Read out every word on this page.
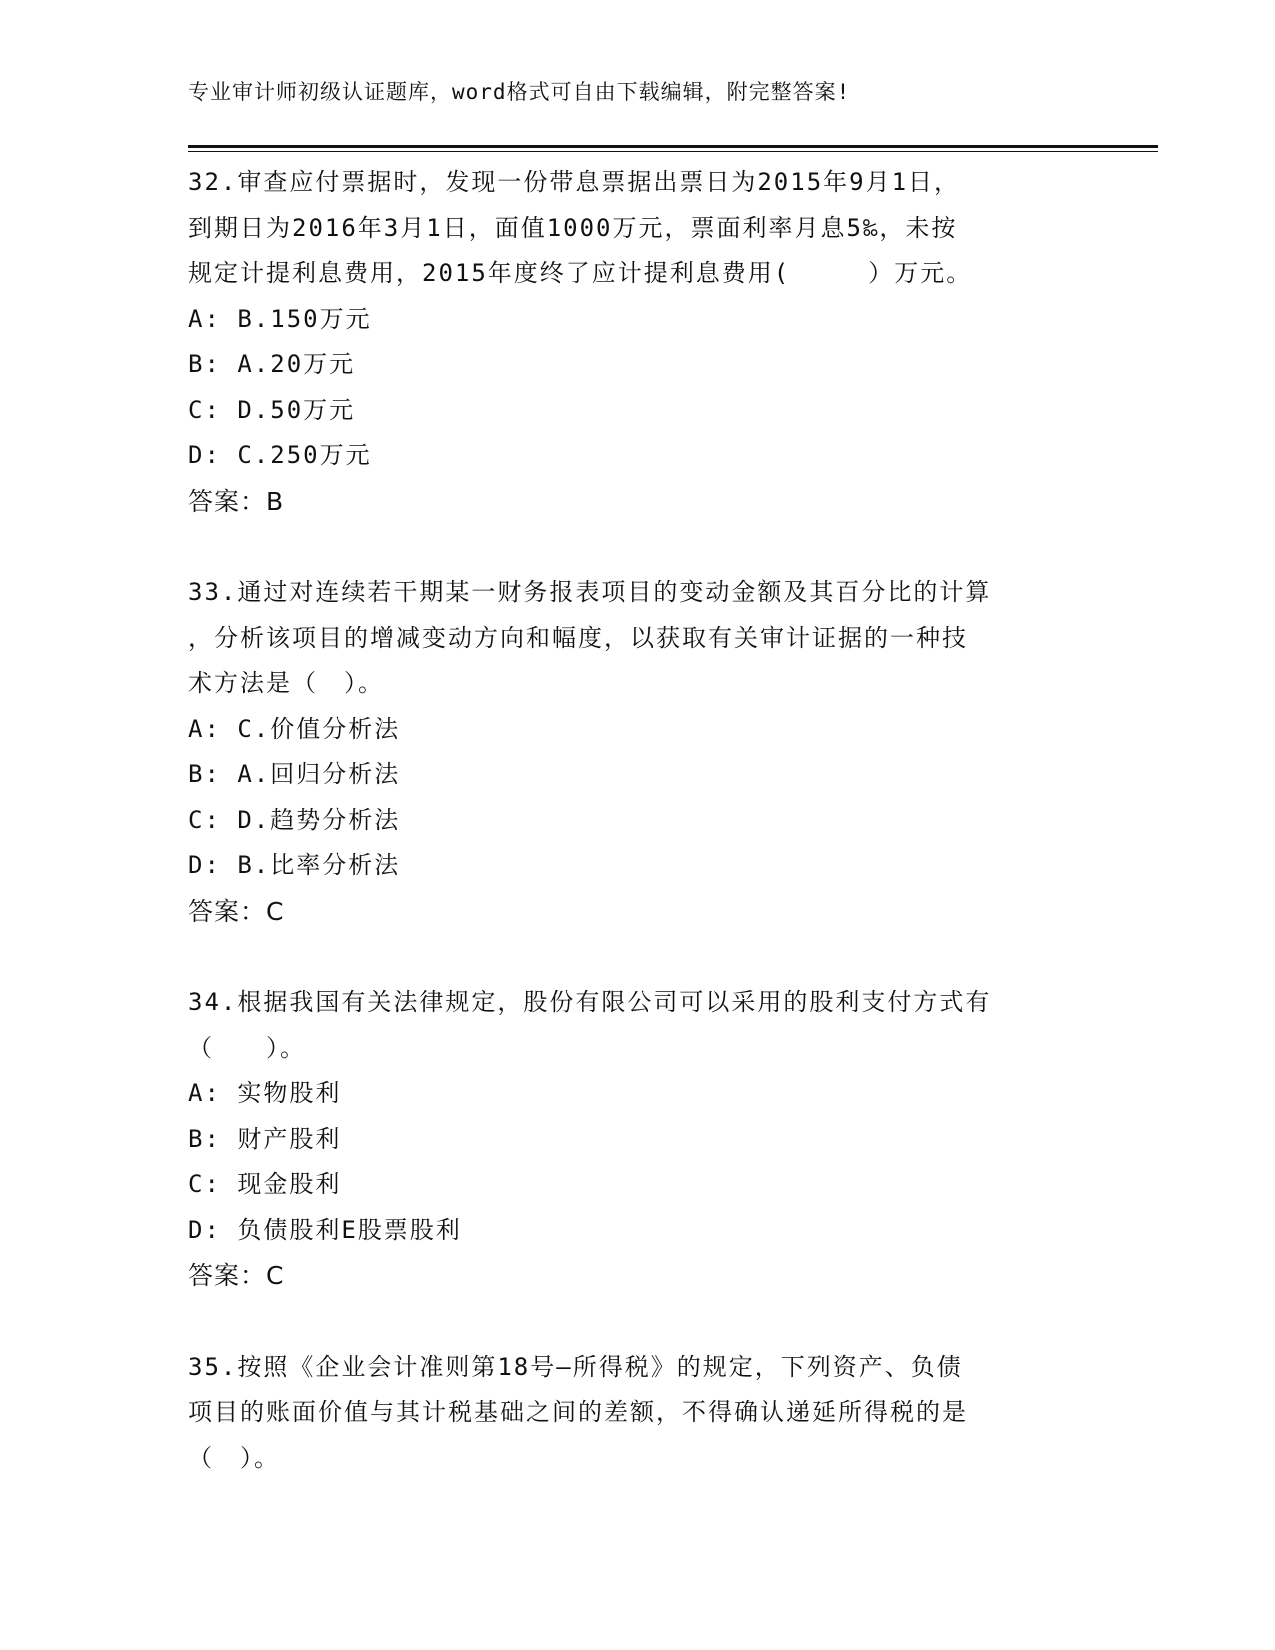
专业审计师初级认证题库，word格式可自由下载编辑，附完整答案!
32.审查应付票据时，发现一份带息票据出票日为2015年9月1日，
到期日为2016年3月1日，面值1000万元，票面利率月息5‰，未按
规定计提利息费用，2015年度终了应计提利息费用(　　　）万元。
A: B.150万元
B: A.20万元
C: D.50万元
D: C.250万元
答案：B
33.通过对连续若干期某一财务报表项目的变动金额及其百分比的计算
，分析该项目的增减变动方向和幅度，以获取有关审计证据的一种技
术方法是（　）。
A: C.价值分析法
B: A.回归分析法
C: D.趋势分析法
D: B.比率分析法
答案：C
34.根据我国有关法律规定，股份有限公司可以采用的股利支付方式有
（　　）。
A: 实物股利
B: 财产股利
C: 现金股利
D: 负债股利E股票股利
答案：C
35.按照《企业会计准则第18号—所得税》的规定，下列资产、负债
项目的账面价值与其计税基础之间的差额，不得确认递延所得税的是
（　）。
